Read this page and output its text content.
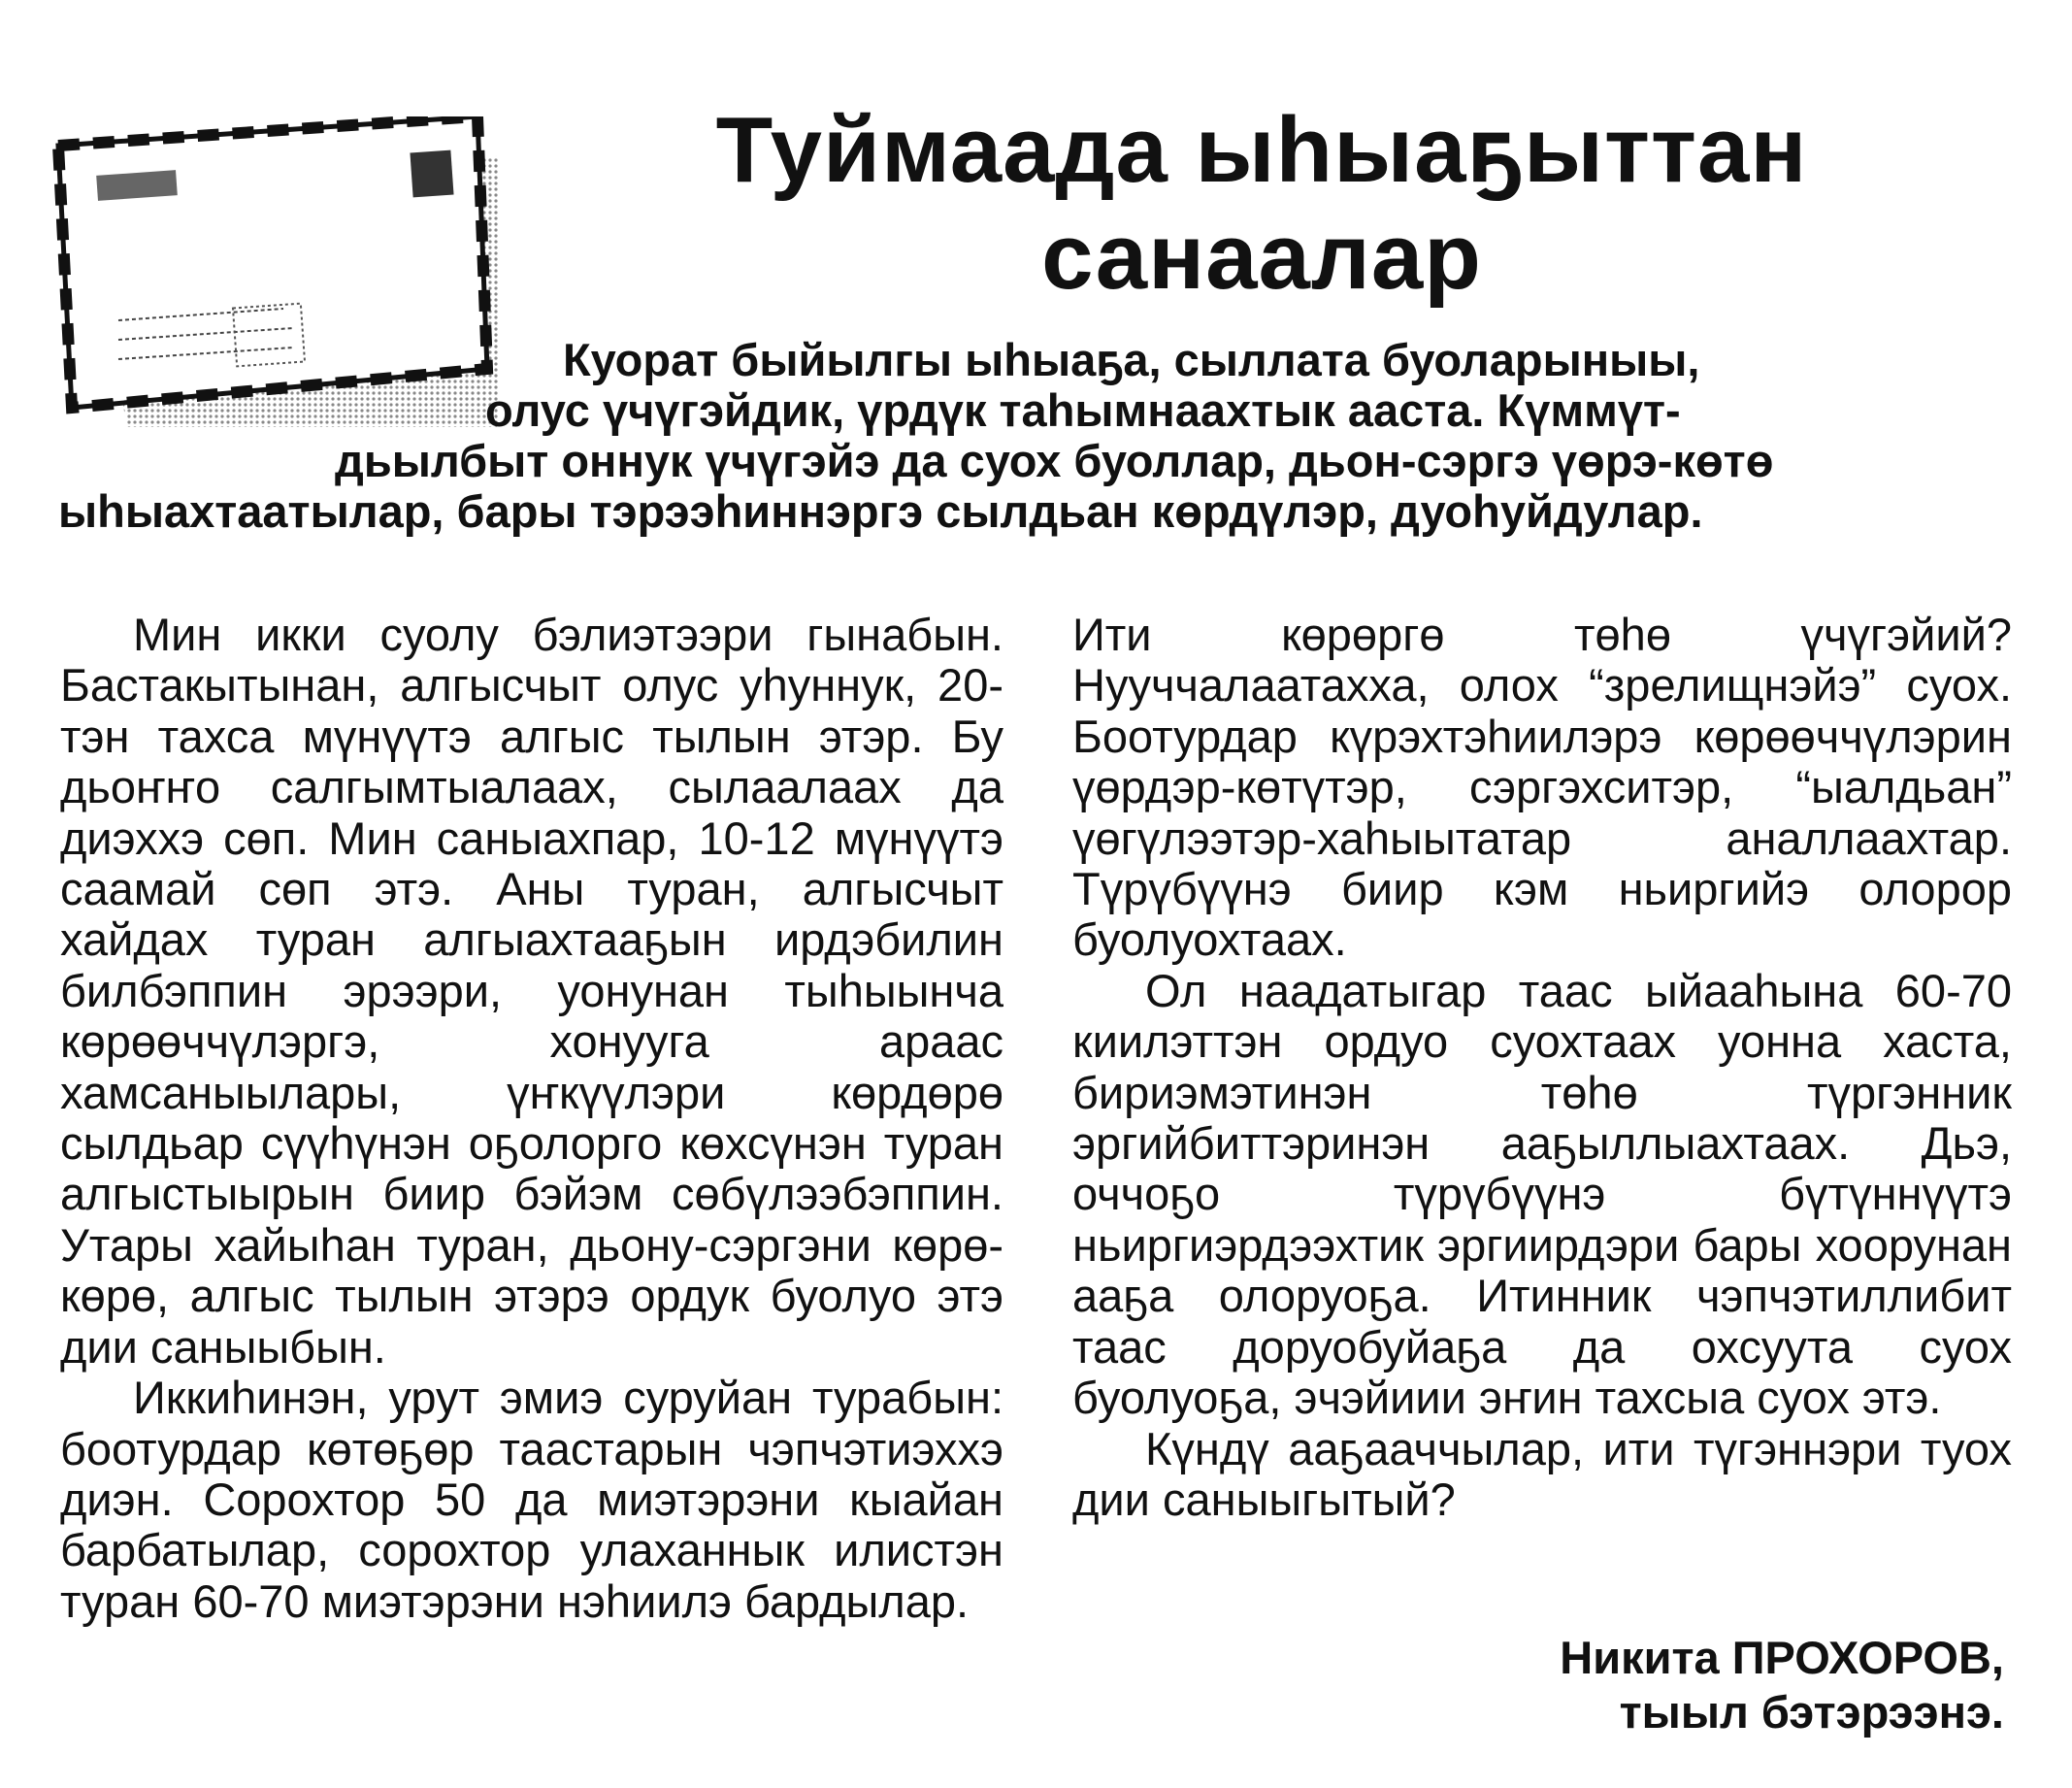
Туймаада ыhыаҕыттан
санаалар
Куорат быйылгы ыhыаҕа, сыллата буоларыныы,
олус үчүгэйдик, үрдүк таhымнаахтык ааста. Күммүт-
дьылбыт оннук үчүгэйэ да суох буоллар, дьон-сэргэ үөрэ-көтө
ыhыахтаатылар, бары тэрээhиннэргэ сылдьан көрдүлэр, дуоhуйдулар.

Мин икки суолу бэлиэтээри гынабын. Бастакытынан, алгысчыт олус уhуннук, 20-тэн тахса мүнүүтэ алгыс тылын этэр. Бу дьоҥҥо салгымтыалаах, сылаалаах да диэххэ сөп. Мин саныахпар, 10-12 мүнүүтэ саамай сөп этэ. Аны туран, алгысчыт хайдах туран алгыахтааҕын ирдэбилин билбэппин эрээри, уонунан тыhыынча көрөөччүлэргэ, хонууга араас хамсаныылары, үҥкүүлэри көрдөрө сылдьар сүүhүнэн оҕолорго көхсүнэн туран алгыстыырын биир бэйэм сөбүлээбэппин. Утары хайыhан туран, дьону-сэргэни көрө-көрө, алгыс тылын этэрэ ордук буолуо этэ дии саныыбын.

Иккиhинэн, урут эмиэ суруйан турабын: боотурдар көтөҕөр таастарын чэпчэтиэххэ диэн. Сорохтор 50 да миэтэрэни кыайан барбатылар, сорохтор улаханнык илистэн туран 60-70 миэтэрэни нэhиилэ бардылар.

Ити көрөргө төhө үчүгэйий? Нууччалаатахха, олох “зрелищнэйэ” суох. Боотурдар күрэхтэhиилэрэ көрөөччүлэрин үөрдэр-көтүтэр, сэргэхситэр, “ыалдьан” үөгүлээтэр-хаhыытатар аналлаахтар. Түрүбүүнэ биир кэм ньиргийэ олорор буолуохтаах.

Ол наадатыгар таас ыйааhына 60-70 киилэттэн ордуо суохтаах уонна хаста, бириэмэтинэн төhө түргэнник эргийбиттэринэн ааҕыллыахтаах. Дьэ, оччоҕо түрүбүүнэ бүтүннүүтэ ньиргиэрдээхтик эргиирдэри бары хоорунан ааҕа олоруоҕа. Итинник чэпчэтиллибит таас доруобуйаҕа да охсуута суох буолуоҕа, эчэйиии эҥин тахсыа суох этэ.

Күндү ааҕааччылар, ити түгэннэри туох дии саныыгытый?

Никита ПРОХОРОВ,
тыыл бэтэрээнэ.
